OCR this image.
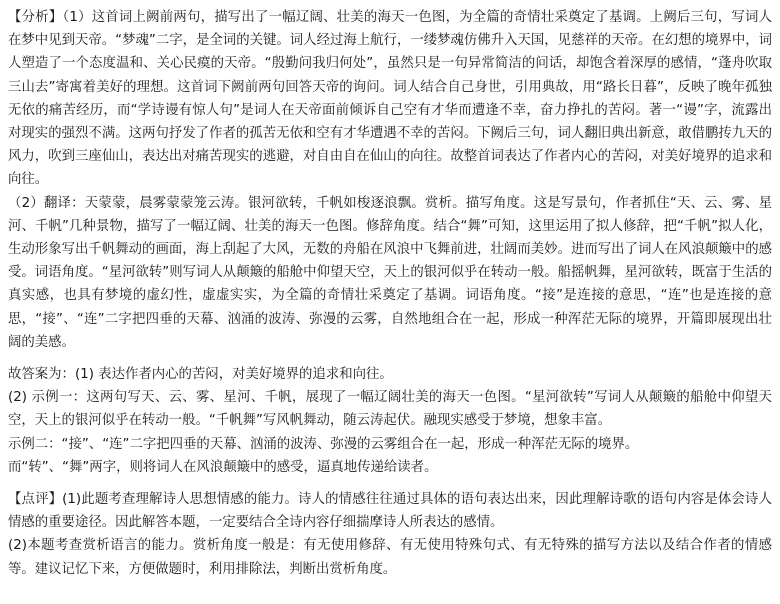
【分析】（1）这首词上阙前两句，描写出了一幅辽阔、壮美的海天一色图，为全篇的奇情壮采奠定了基调。上阙后三句，写词人在梦中见到天帝。“梦魂”二字，是全词的关键。词人经过海上航行，一缕梦魂仿佛升入天国，见慈祥的天帝。在幻想的境界中，词人塑造了一个态度温和、关心民瘼的天帝。“殷勤问我归何处”，虽然只是一句异常简洁的问话，却饱含着深厚的感情，“蓬舟吹取三山去”寄寓着美好的理想。这首词下阙前两句回答天帝的询问。词人结合自己身世，引用典故，用“路长日暮”，反映了晚年孤独无依的痛苦经历，而“学诗谩有惊人句”是词人在天帝面前倾诉自己空有才华而遭逢不幸，奋力挣扎的苦闷。著一“谩”字，流露出对现实的强烈不满。这两句抒发了作者的孤苦无依和空有才华遭遇不幸的苦闷。下阙后三句，词人翻旧典出新意，敢借鹏抟九天的风力，吹到三座仙山，表达出对痛苦现实的逃避，对自由自在仙山的向往。故整首词表达了作者内心的苦闷，对美好境界的追求和向往。

（2）翻译：天蒙蒙，晨雾蒙蒙笼云涛。银河欲转，千帆如梭逐浪飘。赏析。描写角度。这是写景句，作者抓住“天、云、雾、星河、千帆”几种景物，描写了一幅辽阔、壮美的海天一色图。修辞角度。结合“舞”可知，这里运用了拟人修辞，把“千帆”拟人化，生动形象写出千帆舞动的画面，海上刮起了大风，无数的舟船在风浪中飞舞前进，壮阔而美妙。进而写出了词人在风浪颠簸中的感受。词语角度。“星河欲转”则写词人从颠簸的船舱中仰望天空，天上的银河似乎在转动一般。船摇帆舞，星河欲转，既富于生活的真实感，也具有梦境的虚幻性，虚虚实实，为全篇的奇情壮采奠定了基调。词语角度。“接”是连接的意思，“连”也是连接的意思，“接”、“连”二字把四垂的天幕、汹涌的波涛、弥漫的云雾，自然地组合在一起，形成一种浑茫无际的境界，开篇即展现出壮阔的美感。

故答案为：(1) 表达作者内心的苦闷，对美好境界的追求和向往。

(2) 示例一：这两句写天、云、雾、星河、千帆，展现了一幅辽阔壮美的海天一色图。“星河欲转”写词人从颠簸的船舱中仰望天空，天上的银河似乎在转动一般。“千帆舞”写风帆舞动，随云涛起伏。融现实感受于梦境，想象丰富。

示例二：“接”、“连”二字把四垂的天幕、汹涌的波涛、弥漫的云雾组合在一起，形成一种浑茫无际的境界。

而“转”、“舞”两字，则将词人在风浪颠簸中的感受，逼真地传递给读者。

【点评】(1)此题考查理解诗人思想情感的能力。诗人的情感往往通过具体的语句表达出来，因此理解诗歌的语句内容是体会诗人情感的重要途径。因此解答本题，一定要结合全诗内容仔细揣摩诗人所表达的感情。

(2)本题考查赏析语言的能力。赏析角度一般是：有无使用修辞、有无使用特殊句式、有无特殊的描写方法以及结合作者的情感等。建议记忆下来，方便做题时，利用排除法，判断出赏析角度。
